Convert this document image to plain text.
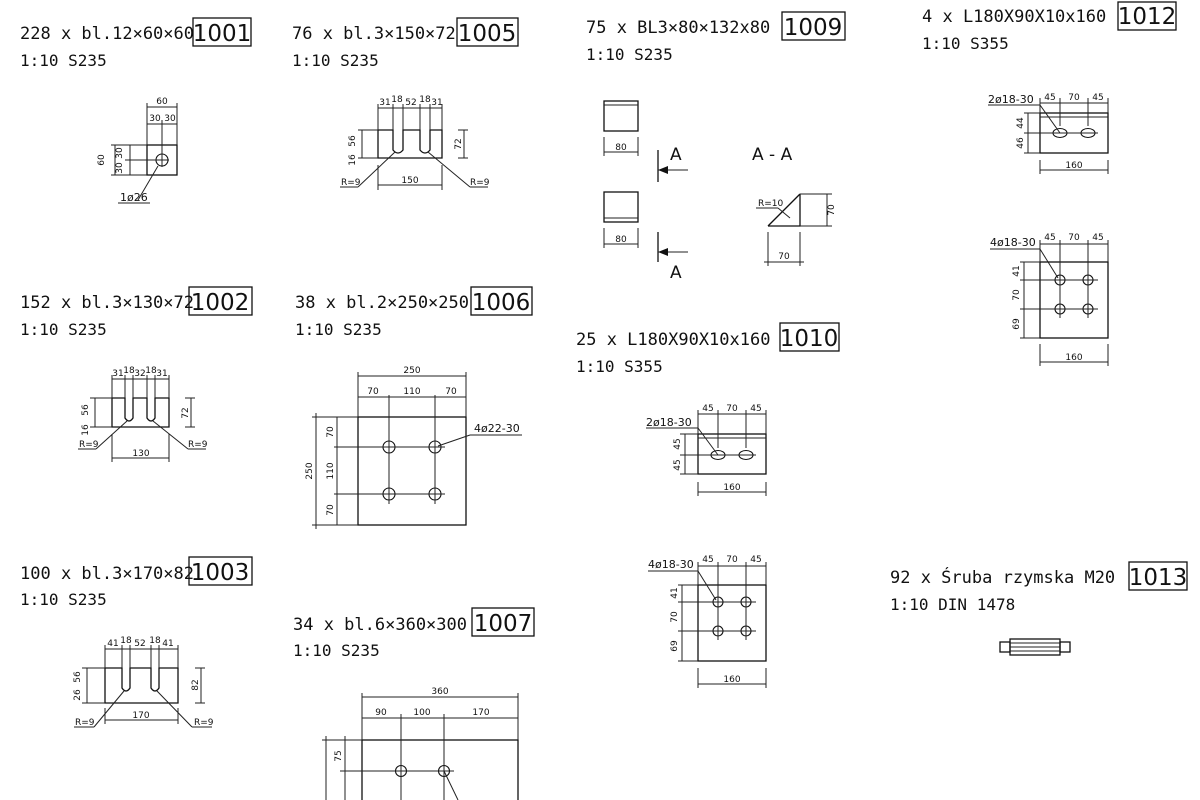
228 x bl.12×60×60
1001
1:10 S235
60
30 30
60
30
30
1ø26
76 x bl.3×150×72 1005
1:10 S235
31 18 52 18 31
56
16
72
150
R=9	R=9
75 x BL3×80×132x80 1009
1:10 S235
80
80
A
A
A - A
R=10
70
70
4 x L180X90X10x160 1012
1:10 S355
2ø18-30 45 70 45
44
46
160
4ø18-30 45 70 45
41
70
69
160
152 x bl.3×130×72
1002
1:10 S235
31 18 32 18 31
56
16
72
130
R=9	R=9
38 x bl.2×250×250 1006
1:10 S235
250
70	110	70
70
110
70
250
4ø22-30
25 x L180X90X10x160 1010
1:10 S355
2ø18-30
45 70 45
45
45
160
4ø18-30 45 70 45
41
70
69
160
100 x bl.3×170×82
1003
1:10 S235
41 18 52 18 41
26
56
82
170
R=9	R=9
34 x bl.6×360×300 1007
1:10 S235
360
90	100	170
75
92 x Śruba rzymska M20 1013
1:10 DIN 1478
